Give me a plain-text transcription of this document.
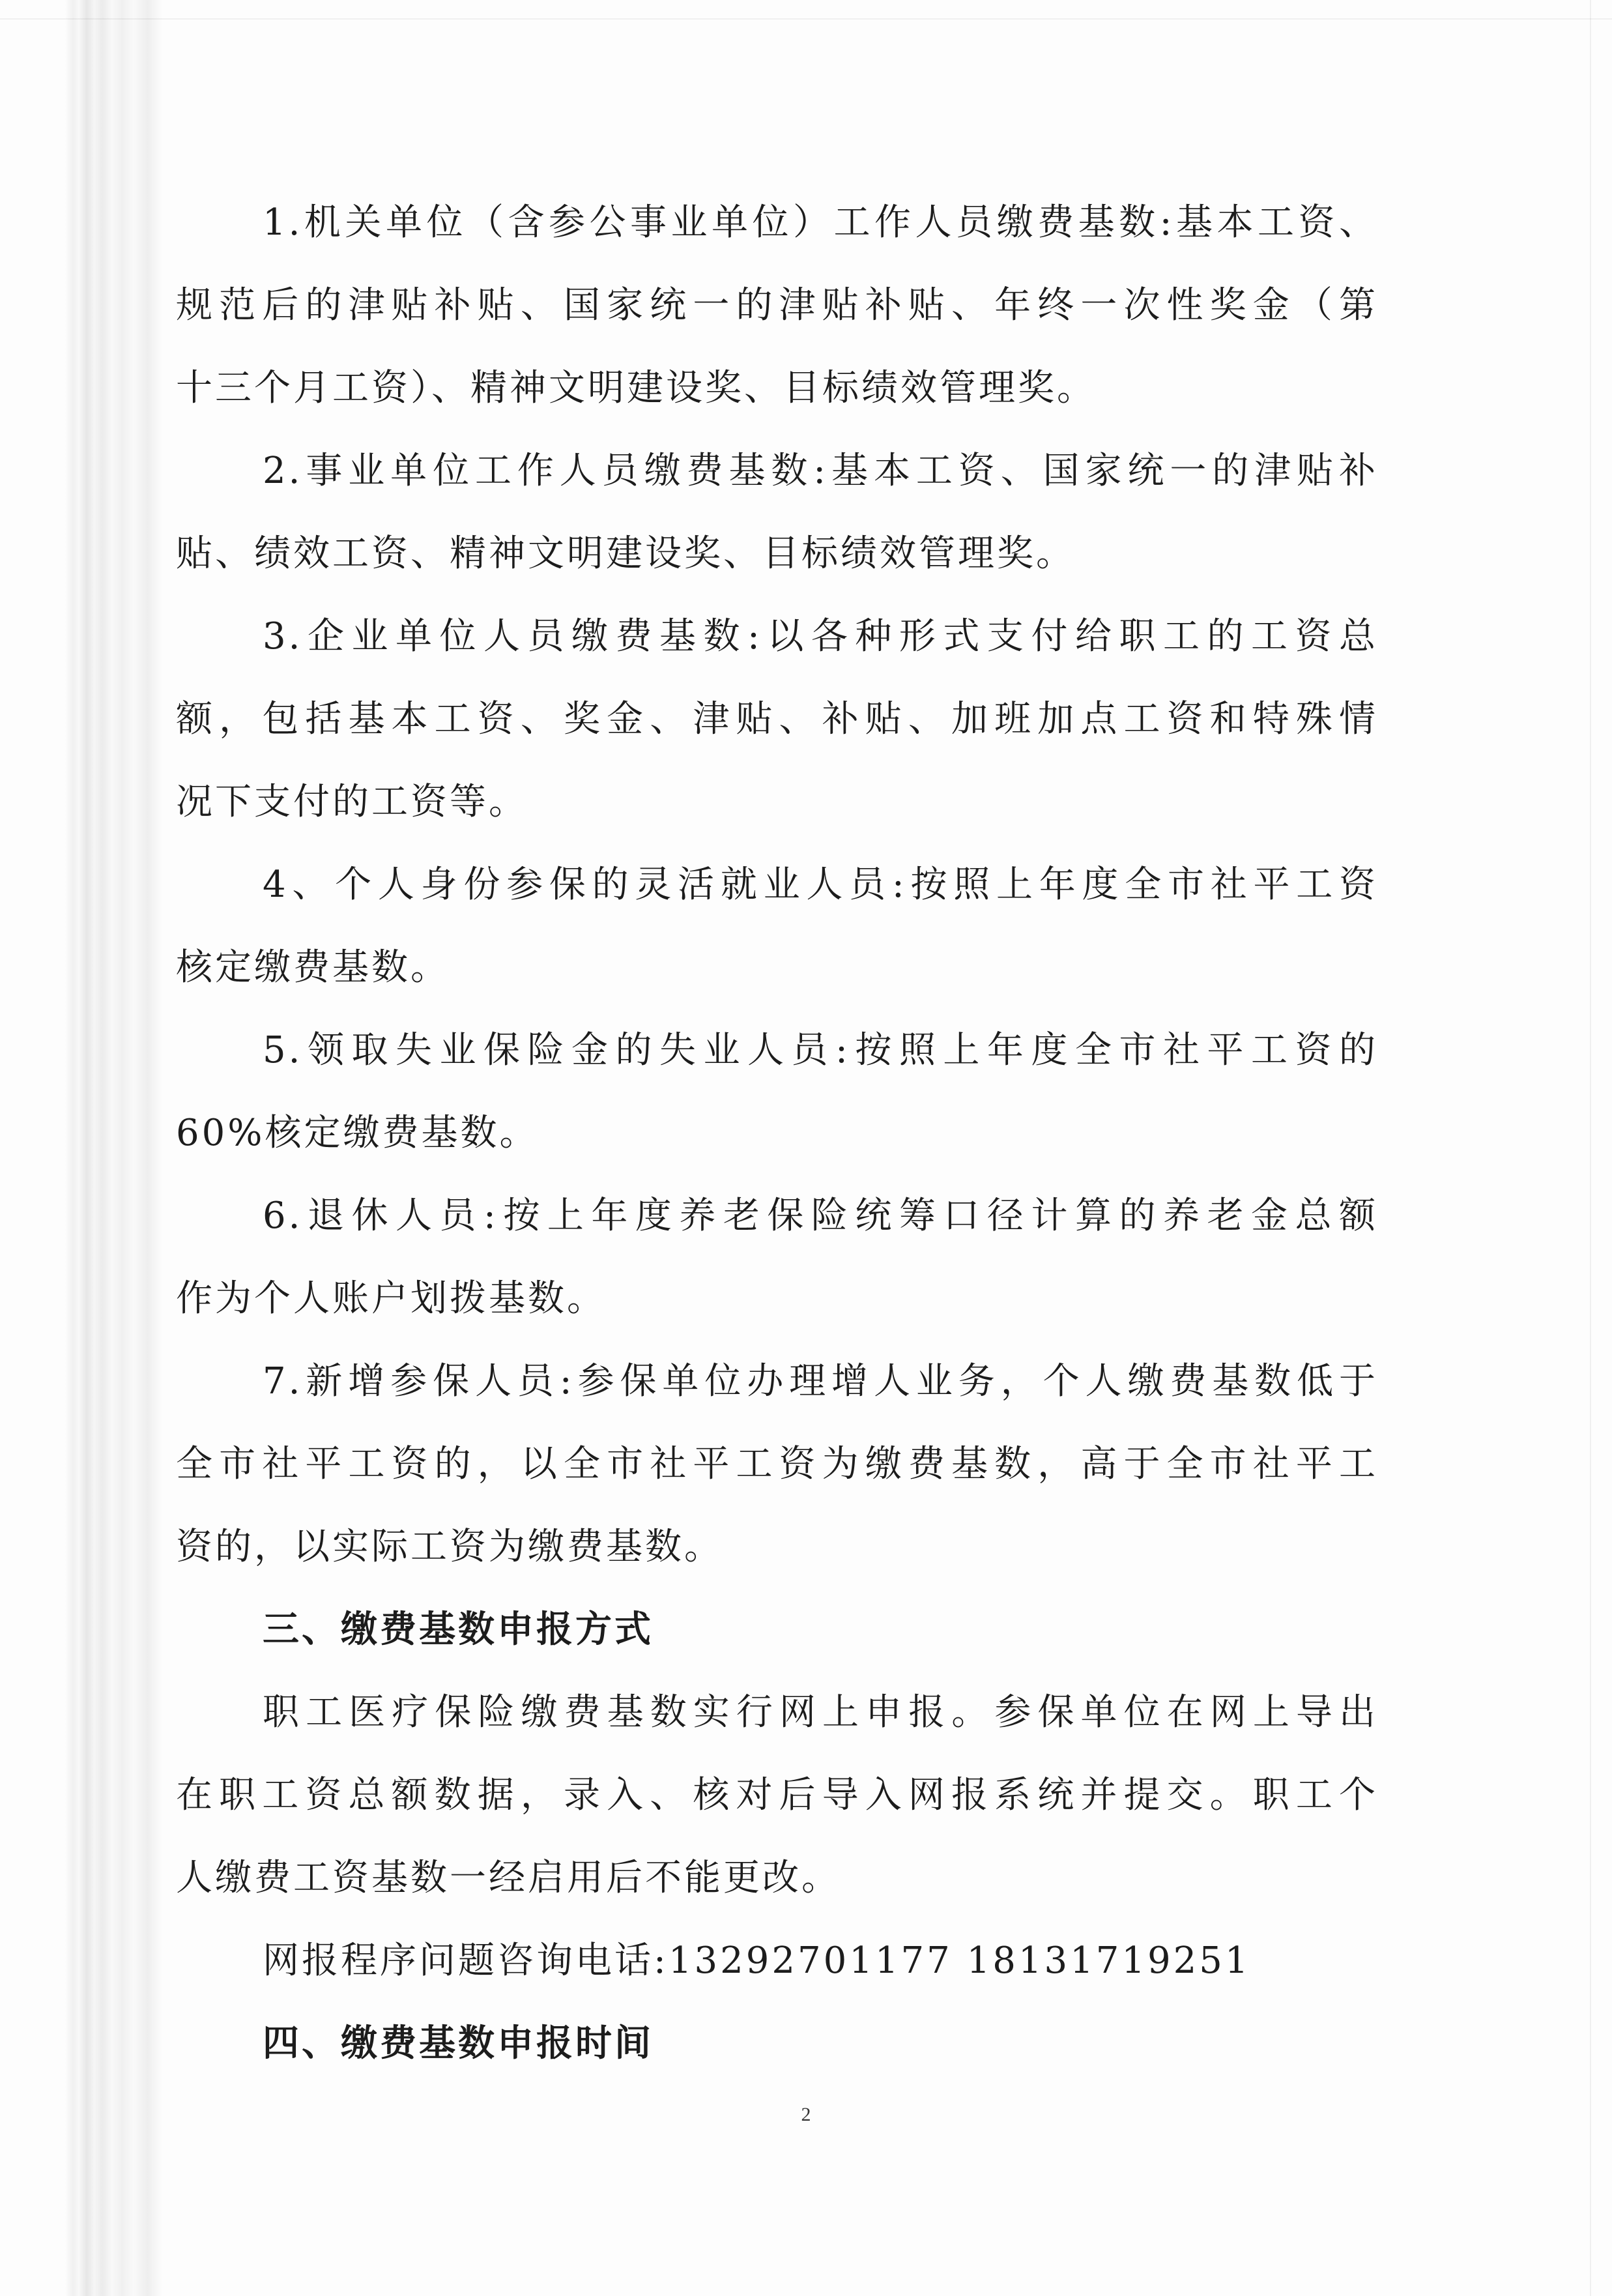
1.机关单位（含参公事业单位）工作人员缴费基数:基本工资、
规范后的津贴补贴、国家统一的津贴补贴、年终一次性奖金（第
十三个月工资）、精神文明建设奖、目标绩效管理奖。
2.事业单位工作人员缴费基数:基本工资、国家统一的津贴补
贴、绩效工资、精神文明建设奖、目标绩效管理奖。
3.企业单位人员缴费基数:以各种形式支付给职工的工资总
额，包括基本工资、奖金、津贴、补贴、加班加点工资和特殊情
况下支付的工资等。
4、个人身份参保的灵活就业人员:按照上年度全市社平工资
核定缴费基数。
5.领取失业保险金的失业人员:按照上年度全市社平工资的
60%核定缴费基数。
6.退休人员:按上年度养老保险统筹口径计算的养老金总额
作为个人账户划拨基数。
7.新增参保人员:参保单位办理增人业务，个人缴费基数低于
全市社平工资的，以全市社平工资为缴费基数，高于全市社平工
资的，以实际工资为缴费基数。
三、缴费基数申报方式
职工医疗保险缴费基数实行网上申报。参保单位在网上导出
在职工资总额数据，录入、核对后导入网报系统并提交。职工个
人缴费工资基数一经启用后不能更改。
网报程序问题咨询电话:13292701177 18131719251
四、缴费基数申报时间
2
